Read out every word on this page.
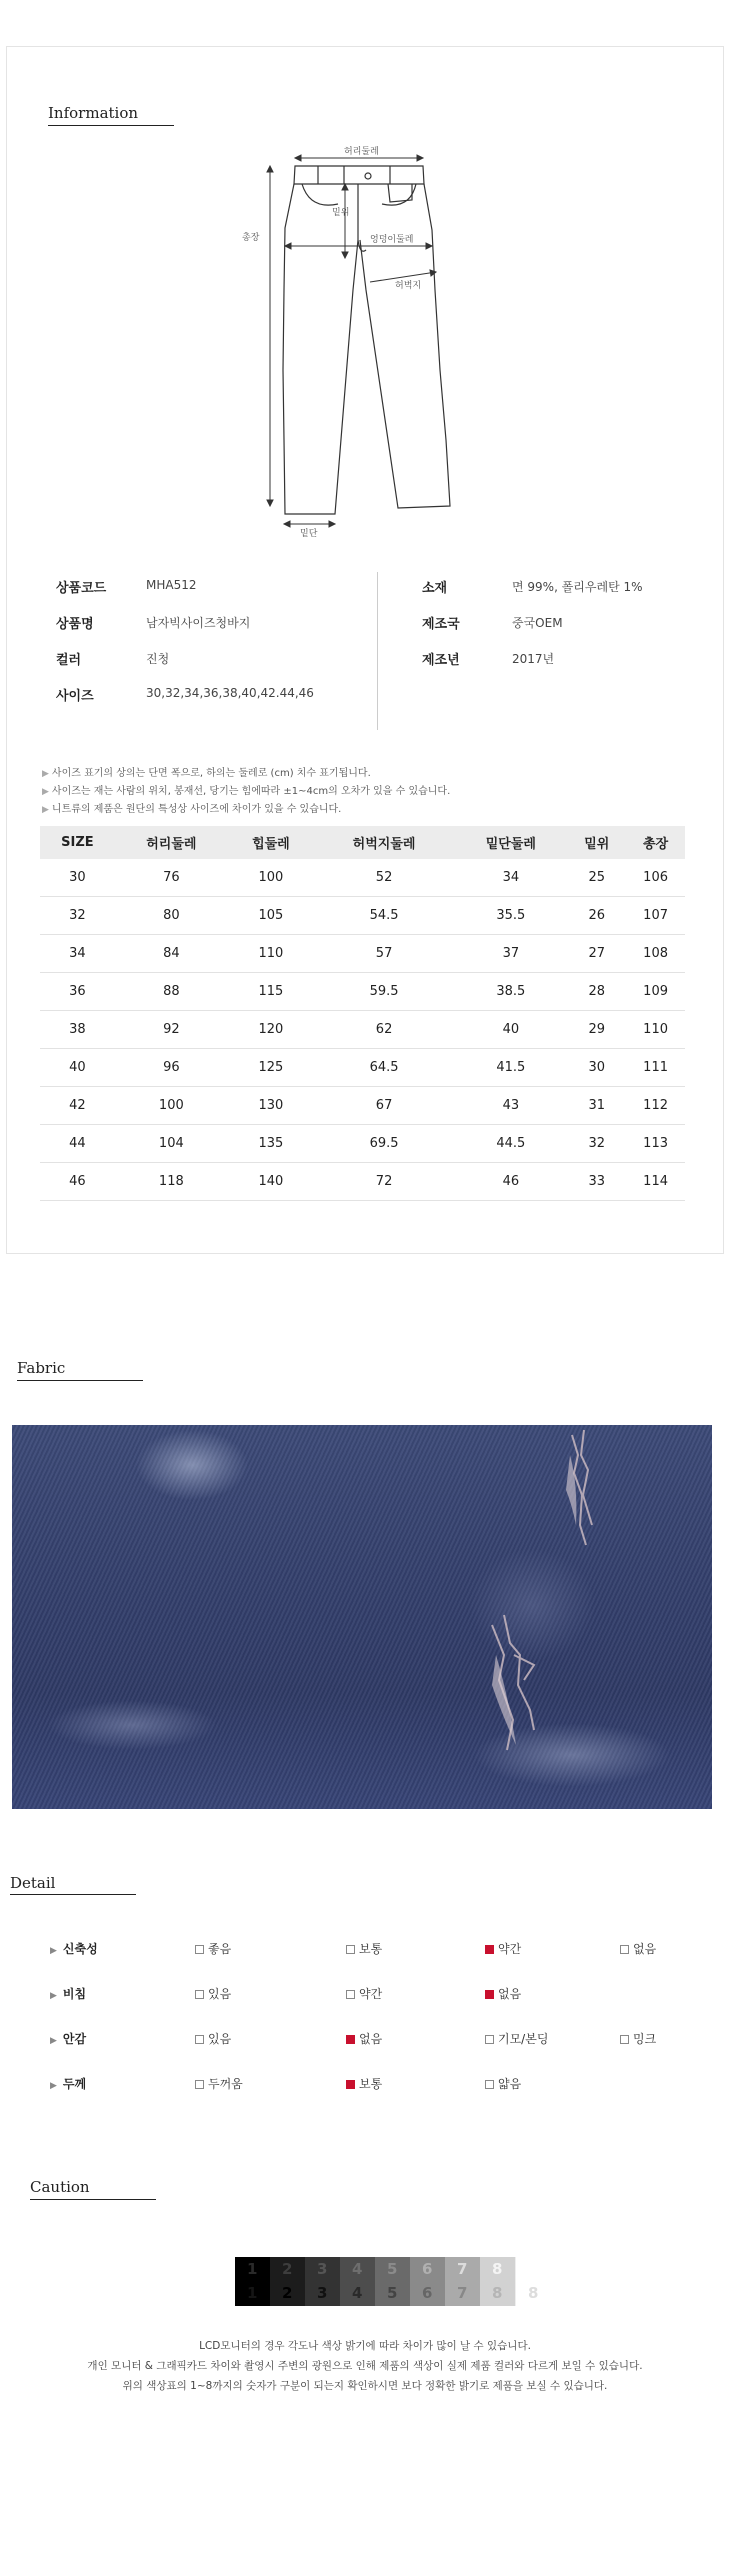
Information
허리둘레
총장
밑위
엉덩이둘레
허벅지
밑단
상품코드	MHA512
상품명	남자빅사이즈청바지
컬러	진청
사이즈	30,32,34,36,38,40,42.44,46
소재	면 99%, 폴리우레탄 1%
제조국	중국OEM
제조년	2017년
▶ 사이즈 표기의 상의는 단면 폭으로, 하의는 둘레로 (cm) 치수 표기됩니다.
▶ 사이즈는 재는 사람의 위치, 봉재선, 당기는 힘에따라 ±1~4cm의 오차가 있을 수 있습니다.
▶ 니트류의 제품은 원단의 특성상 사이즈에 차이가 있을 수 있습니다.
SIZE	허리둘레	힙둘레	허벅지둘레	밑단둘레	밑위	총장
30	76	100	52	34	25	106
32	80	105	54.5	35.5	26	107
34	84	110	57	37	27	108
36	88	115	59.5	38.5	28	109
38	92	120	62	40	29	110
40	96	125	64.5	41.5	30	111
42	100	130	67	43	31	112
44	104	135	69.5	44.5	32	113
46	118	140	72	46	33	114
Fabric
Detail
▶ 신축성	좋음	보통	약간	없음
▶ 비침	있음	약간	없음
▶ 안감	있음	없음	기모/본딩	밍크
▶ 두께	두꺼움	보통	얇음
Caution
1
1
2
2
3
3
4
4
5
5
6
6
7
7
8
8
8
8
LCD모니터의 경우 각도나 색상 밝기에 따라 차이가 많이 날 수 있습니다.
개인 모니터 & 그래픽카드 차이와 촬영시 주변의 광원으로 인해 제품의 색상이 실제 제품 컬러와 다르게 보일 수 있습니다.
위의 색상표의 1~8까지의 숫자가 구분이 되는지 확인하시면 보다 정확한 밝기로 제품을 보실 수 있습니다.
